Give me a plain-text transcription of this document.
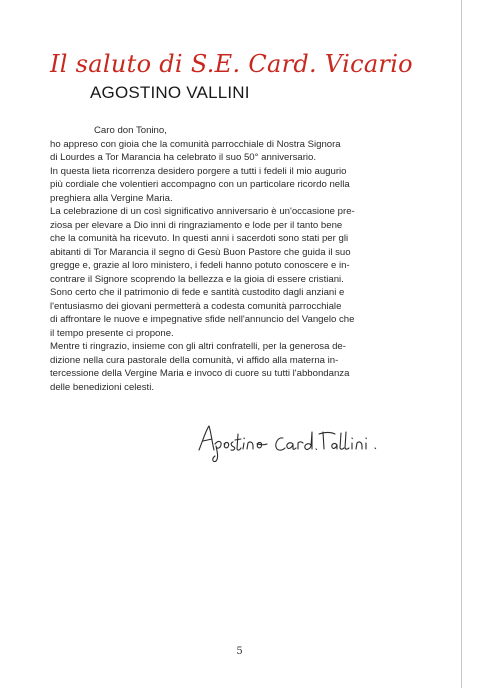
Il saluto di S.E. Card. Vicario
AGOSTINO VALLINI
Caro don Tonino,
ho appreso con gioia che la comunità parrocchiale di Nostra Signora
di Lourdes a Tor Marancia ha celebrato il suo 50° anniversario.
In questa lieta ricorrenza desidero porgere a tutti i fedeli il mio augurio
più cordiale che volentieri accompagno con un particolare ricordo nella
preghiera alla Vergine Maria.
La celebrazione di un così significativo anniversario è un'occasione pre-
ziosa per elevare a Dio inni di ringraziamento e lode per il tanto bene
che la comunità ha ricevuto. In questi anni i sacerdoti sono stati per gli
abitanti di Tor Marancia il segno di Gesù Buon Pastore che guida il suo
gregge e, grazie al loro ministero, i fedeli hanno potuto conoscere e in-
contrare il Signore scoprendo la bellezza e la gioia di essere cristiani.
Sono certo che il patrimonio di fede e santità custodito dagli anziani e
l'entusiasmo dei giovani permetterà a codesta comunità parrocchiale
di affrontare le nuove e impegnative sfide nell'annuncio del Vangelo che
il tempo presente ci propone.
Mentre ti ringrazio, insieme con gli altri confratelli, per la generosa de-
dizione nella cura pastorale della comunità, vi affido alla materna in-
tercessione della Vergine Maria e invoco di cuore su tutti l'abbondanza
delle benedizioni celesti.
5
